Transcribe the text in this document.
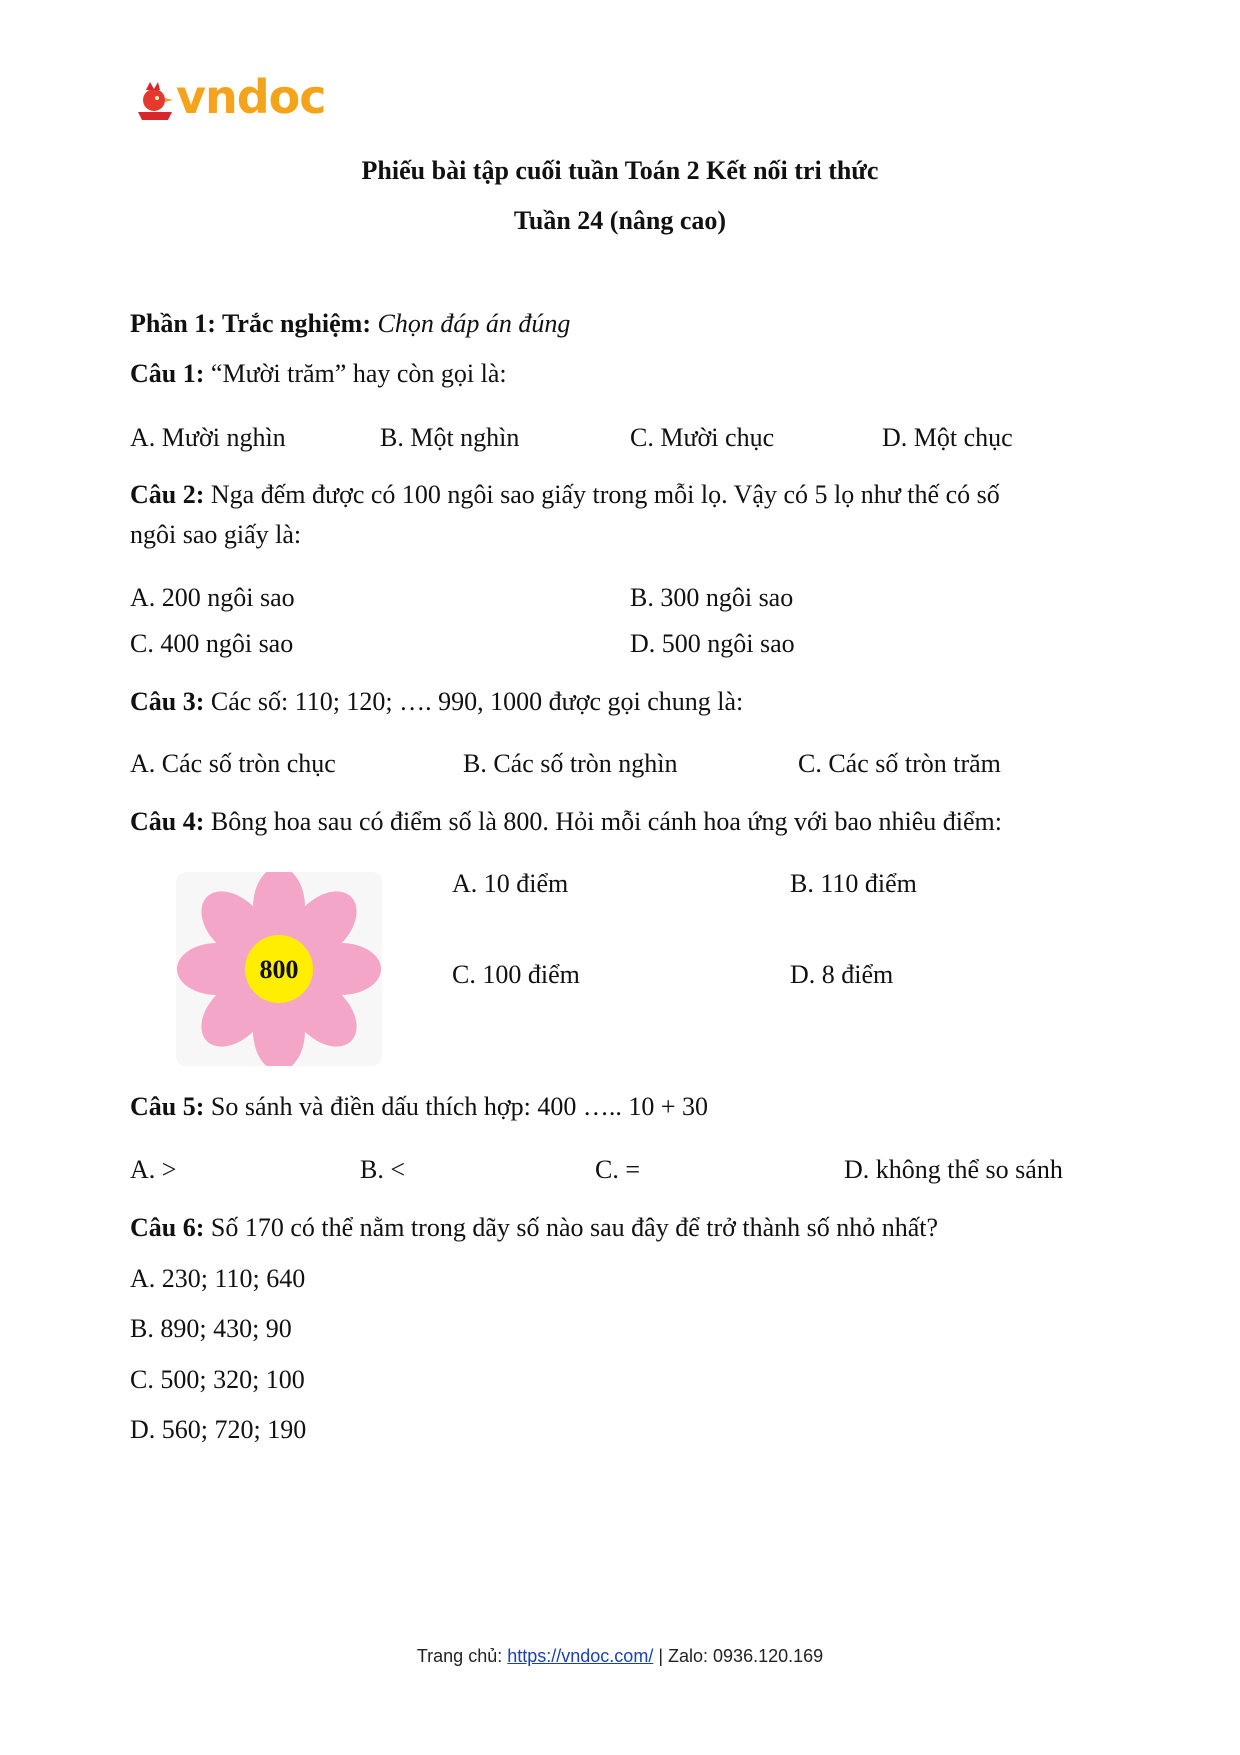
vndoc
Phiếu bài tập cuối tuần Toán 2 Kết nối tri thức
Tuần 24 (nâng cao)
Phần 1: Trắc nghiệm: Chọn đáp án đúng
Câu 1: “Mười trăm” hay còn gọi là:
A. Mười nghìn	B. Một nghìn	C. Mười chục	D. Một chục
Câu 2: Nga đếm được có 100 ngôi sao giấy trong mỗi lọ. Vậy có 5 lọ như thế có số
ngôi sao giấy là:
A. 200 ngôi sao	B. 300 ngôi sao
C. 400 ngôi sao	D. 500 ngôi sao
Câu 3: Các số: 110; 120; …. 990, 1000 được gọi chung là:
A. Các số tròn chục	B. Các số tròn nghìn	C. Các số tròn trăm
Câu 4: Bông hoa sau có điểm số là 800. Hỏi mỗi cánh hoa ứng với bao nhiêu điểm:
800
A. 10 điểm	B. 110 điểm
C. 100 điểm	D. 8 điểm
Câu 5: So sánh và điền dấu thích hợp: 400 ….. 10 + 30
A. >	B. <	C. =	D. không thể so sánh
Câu 6: Số 170 có thể nằm trong dãy số nào sau đây để trở thành số nhỏ nhất?
A. 230; 110; 640
B. 890; 430; 90
C. 500; 320; 100
D. 560; 720; 190
Trang chủ: https://vndoc.com/ | Zalo: 0936.120.169
